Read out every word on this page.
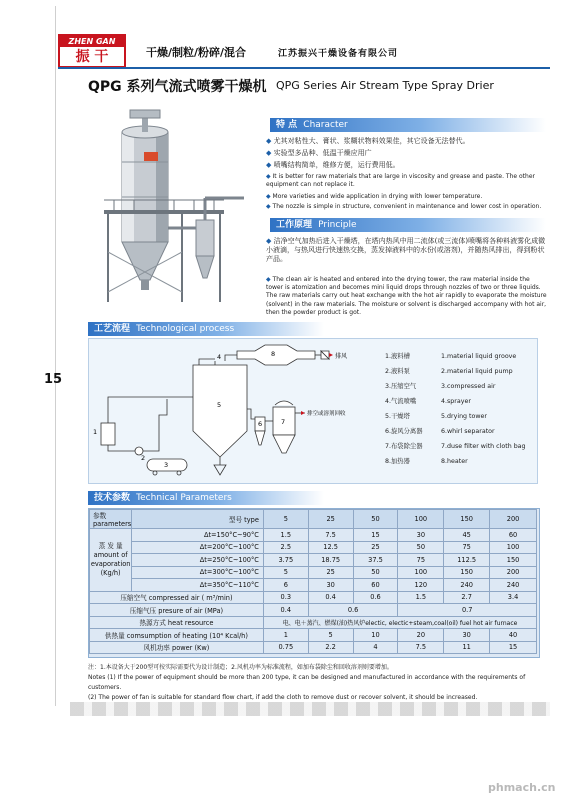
ZHEN GAN
振 干	干燥/制粒/粉碎/混合	江苏振兴干燥设备有限公司
QPG 系列气流式喷雾干燥机 QPG Series Air Stream Type Spray Drier
特 点 Character
◆ 尤其对粘性大、膏状、浆糊状物料效果佳，其它设备无法替代。
◆ 实验型多品种、低温干燥应用广
◆ 喷嘴结构简单，维修方便，运行费用低。
◆ It is better for raw materials that are large in viscosity and grease and paste. The other equipment can not replace it.
◆ More varieties and wide application in drying with lower temperature.
◆ The nozzle is simple in structure, convenient in maintenance and lower cost in operation.
工作原理 Principle
◆ 洁净空气加热后进入干燥塔，在塔内热风中用二流体(或三流体)喷嘴将各种料液雾化成微小液滴，与热风进行快速热交换，蒸发掉液料中的水份(或溶剂)，并随热风排出，得到粉状产品。
◆ The clean air is heated and entered into the drying tower, the raw material inside the tower is atomization and becomes mini liquid drops through nozzles of two or three liquids. The raw materials carry out heat exchange with the hot air rapidly to evaporate the moisture (solvent) in the raw materials. The moisture or solvent is discharged accompany with hot air, then the powder product is got.
工艺流程 Technological process
15
1
2
3
4
5
6	7
8	排风
排空或溶剂回收
1.液料槽
2.液料泵
3.压缩空气
4.气流喷嘴
5.干燥塔
6.旋风分离器
7.布袋除尘器
8.加热器
1.material liquid groove
2.material liquid pump
3.compressed air
4.sprayer
5.drying tower
6.whirl separator
7.duse filter with cloth bag
8.heater
技术参数 Technical Parameters
参数 parameters	型号 type	5	25	50	100	150	200

蒸 发 量
amount of
evaporation
(Kg/h)	Δt=150°C~90°C	1.5	7.5	15	30	45	60
	Δt=200°C~100°C	2.5	12.5	25	50	75	100
	Δt=250°C~100°C	3.75	18.75	37.5	75	112.5	150
	Δt=300°C~100°C	5	25	50	100	150	200
	Δt=350°C~110°C	6	30	60	120	240	240
压缩空气 compressed air ( m³/min)		0.3	0.4	0.6	1.5	2.7	3.4
压缩气压 presure of air (MPa)		0.4	0.6		0.7		
热源方式 heat resource		电、电＋蒸汽、燃煤(油)热风炉electic, electic+steam,coal(oil) fuel hot air furnace					
供热量 comsumption of heating (10⁴ Kcal/h)		1	5	10	20	30	40
风机功率 power (Kw)		0.75	2.2	4	7.5	11	15
注：1.本设备大于200型可按实际需要代为设计制造；2.风机功率为标准流程，如加布袋除尘和回收溶剂则要增加。
Notes (1) If the power of equipment should be more than 200 type, it can be designed and manufactured in accordance with the requirements of customers.
(2) The power of fan is suitable for standard flow chart, if add the cloth to remove dust or recover solvent, it should be increased.
phmach.cn
